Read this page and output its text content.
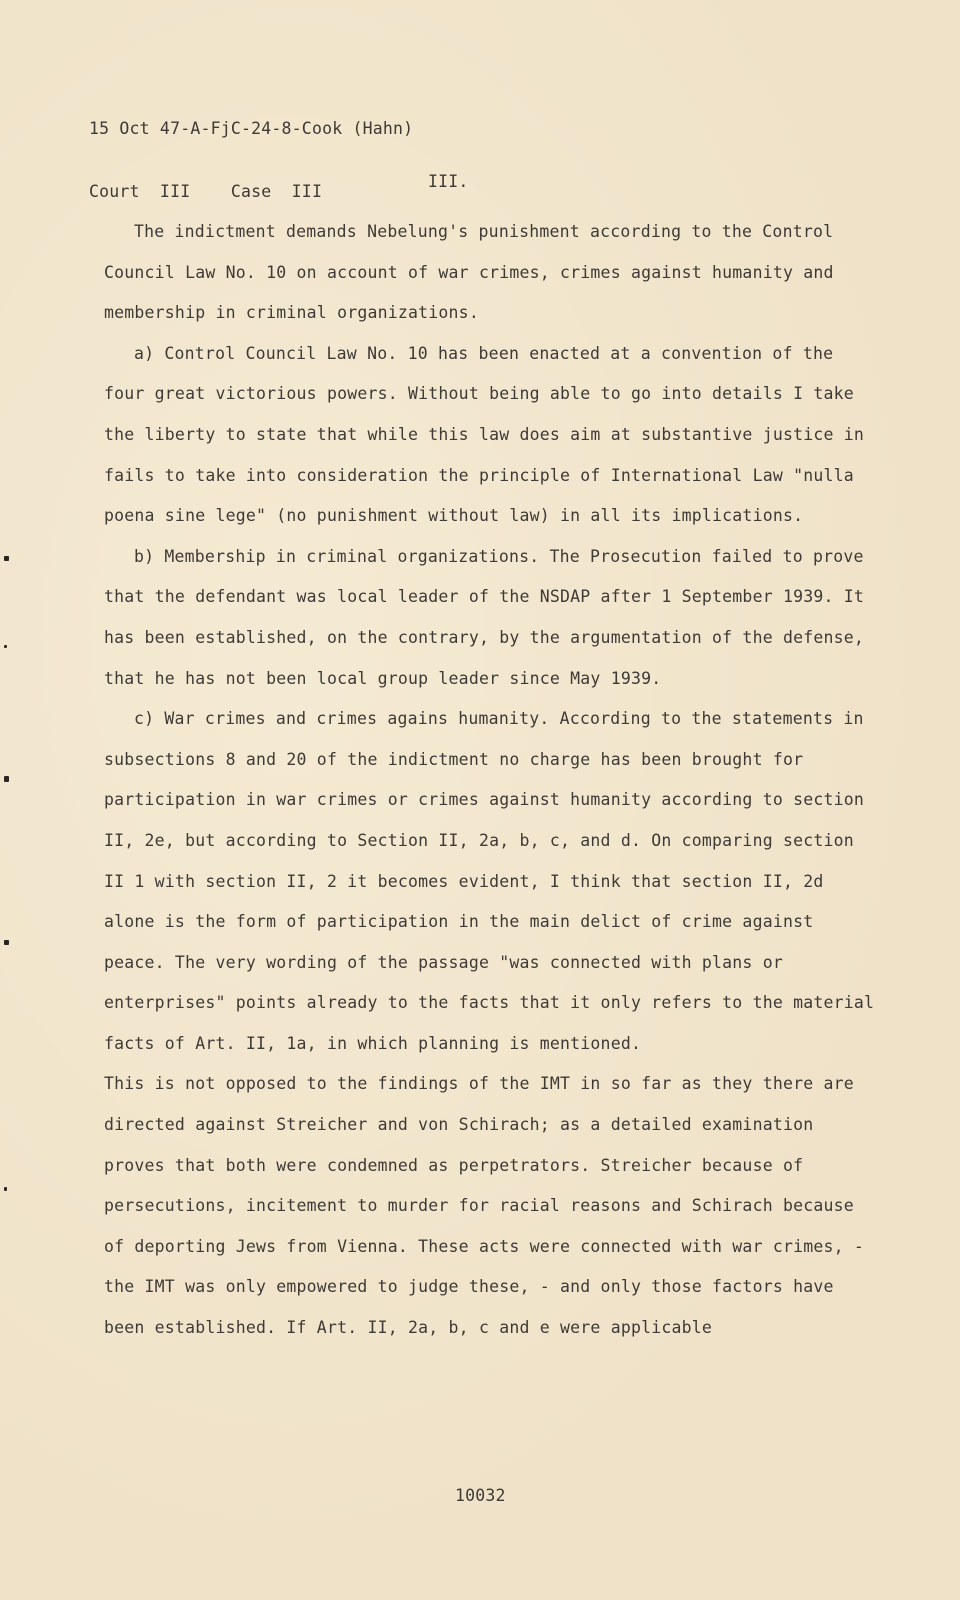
15 Oct 47-A-FjC-24-8-Cook (Hahn)

Court  III    Case  III

III.

The indictment demands Nebelung's punishment according to the Control Council Law No. 10 on account of war crimes, crimes against humanity and membership in criminal organizations.

a) Control Council Law No. 10 has been enacted at a convention of the four great victorious powers. Without being able to go into details I take the liberty to state that while this law does aim at substantive justice in fails to take into consideration the principle of International Law "nulla poena sine lege" (no punishment without law) in all its implications.

b) Membership in criminal organizations. The Prosecution failed to prove that the defendant was local leader of the NSDAP after 1 September 1939. It has been established, on the contrary, by the argumentation of the defense, that he has not been local group leader since May 1939.

c) War crimes and crimes agains humanity. According to the statements in subsections 8 and 20 of the indictment no charge has been brought for participation in war crimes or crimes against humanity according to section II, 2e, but according to Section II, 2a, b, c, and d. On comparing section II 1 with section II, 2 it becomes evident, I think that section II, 2d alone is the form of participation in the main delict of crime against peace. The very wording of the passage "was connected with plans or enterprises" points already to the facts that it only refers to the material facts of Art. II, 1a, in which planning is mentioned.

This is not opposed to the findings of the IMT in so far as they there are directed against Streicher and von Schirach; as a detailed examination proves that both were condemned as perpetrators. Streicher because of persecutions, incitement to murder for racial reasons and Schirach because of deporting Jews from Vienna. These acts were connected with war crimes, - the IMT was only empowered to judge these, - and only those factors have been established. If Art. II, 2a, b, c and e were applicable

10032
